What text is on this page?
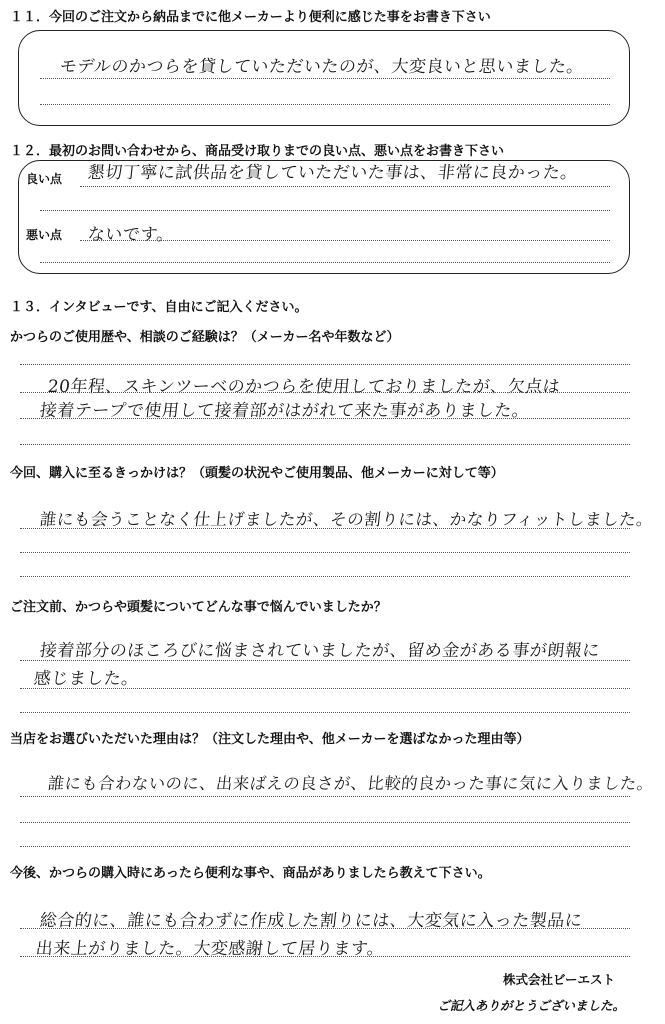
１１．今回のご注文から納品までに他メーカーより便利に感じた事をお書き下さい
モデルのかつらを貸していただいたのが、大変良いと思いました。
１２．最初のお問い合わせから、商品受け取りまでの良い点、悪い点をお書き下さい
良い点 懇切丁寧に試供品を貸していただいた事は、非常に良かった。
悪い点 ないです。
１３．インタビューです、自由にご記入ください。
かつらのご使用歴や、相談のご経験は？（メーカー名や年数など）
20年程、スキンツーベのかつらを使用しておりましたが、欠点は
接着テープで使用して接着部がはがれて来た事がありました。
今回、購入に至るきっかけは？（頭髪の状況やご使用製品、他メーカーに対して等）
誰にも会うことなく仕上げましたが、その割りには、かなりフィットしました。
ご注文前、かつらや頭髪についてどんな事で悩んでいましたか？
接着部分のほころびに悩まされていましたが、留め金がある事が朗報に
感じました。
当店をお選びいただいた理由は？（注文した理由や、他メーカーを選ばなかった理由等）
誰にも合わないのに、出来ばえの良さが、比較的良かった事に気に入りました。
今後、かつらの購入時にあったら便利な事や、商品がありましたら教えて下さい。
総合的に、誰にも合わずに作成した割りには、大変気に入った製品に
出来上がりました。大変感謝して居ります。
株式会社ビーエスト
ご記入ありがとうございました。
